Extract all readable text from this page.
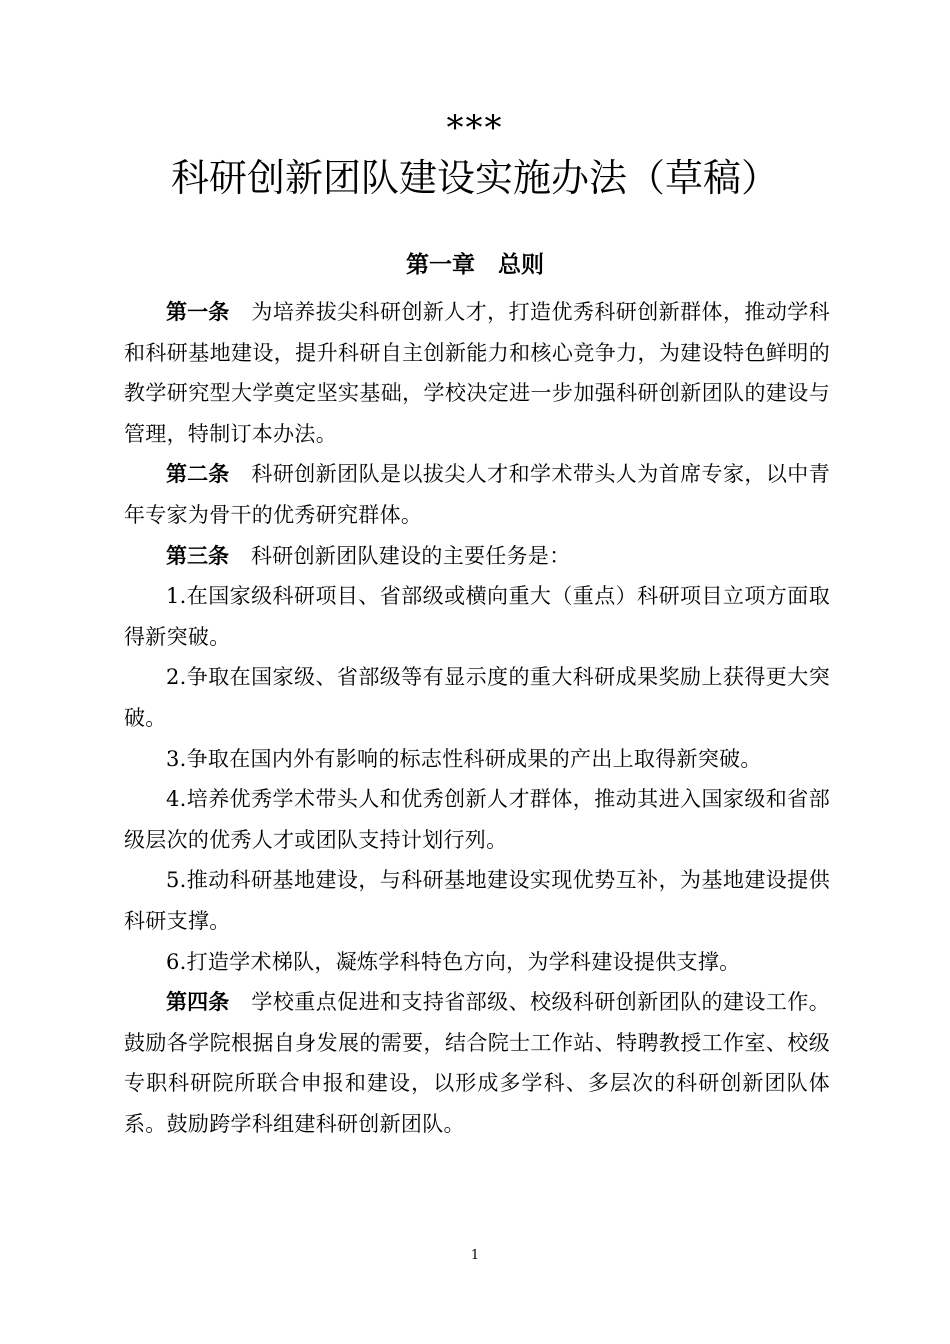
***
科研创新团队建设实施办法（草稿）
第一章　总则

第一条 为培养拔尖科研创新人才，打造优秀科研创新群体，推动学科和科研基地建设，提升科研自主创新能力和核心竞争力，为建设特色鲜明的教学研究型大学奠定坚实基础，学校决定进一步加强科研创新团队的建设与管理，特制订本办法。

第二条 科研创新团队是以拔尖人才和学术带头人为首席专家，以中青年专家为骨干的优秀研究群体。

第三条 科研创新团队建设的主要任务是：

1.在国家级科研项目、省部级或横向重大（重点）科研项目立项方面取得新突破。

2.争取在国家级、省部级等有显示度的重大科研成果奖励上获得更大突破。

3.争取在国内外有影响的标志性科研成果的产出上取得新突破。

4.培养优秀学术带头人和优秀创新人才群体，推动其进入国家级和省部级层次的优秀人才或团队支持计划行列。

5.推动科研基地建设，与科研基地建设实现优势互补，为基地建设提供科研支撑。

6.打造学术梯队，凝炼学科特色方向，为学科建设提供支撑。

第四条 学校重点促进和支持省部级、校级科研创新团队的建设工作。鼓励各学院根据自身发展的需要，结合院士工作站、特聘教授工作室、校级专职科研院所联合申报和建设，以形成多学科、多层次的科研创新团队体系。鼓励跨学科组建科研创新团队。

1
